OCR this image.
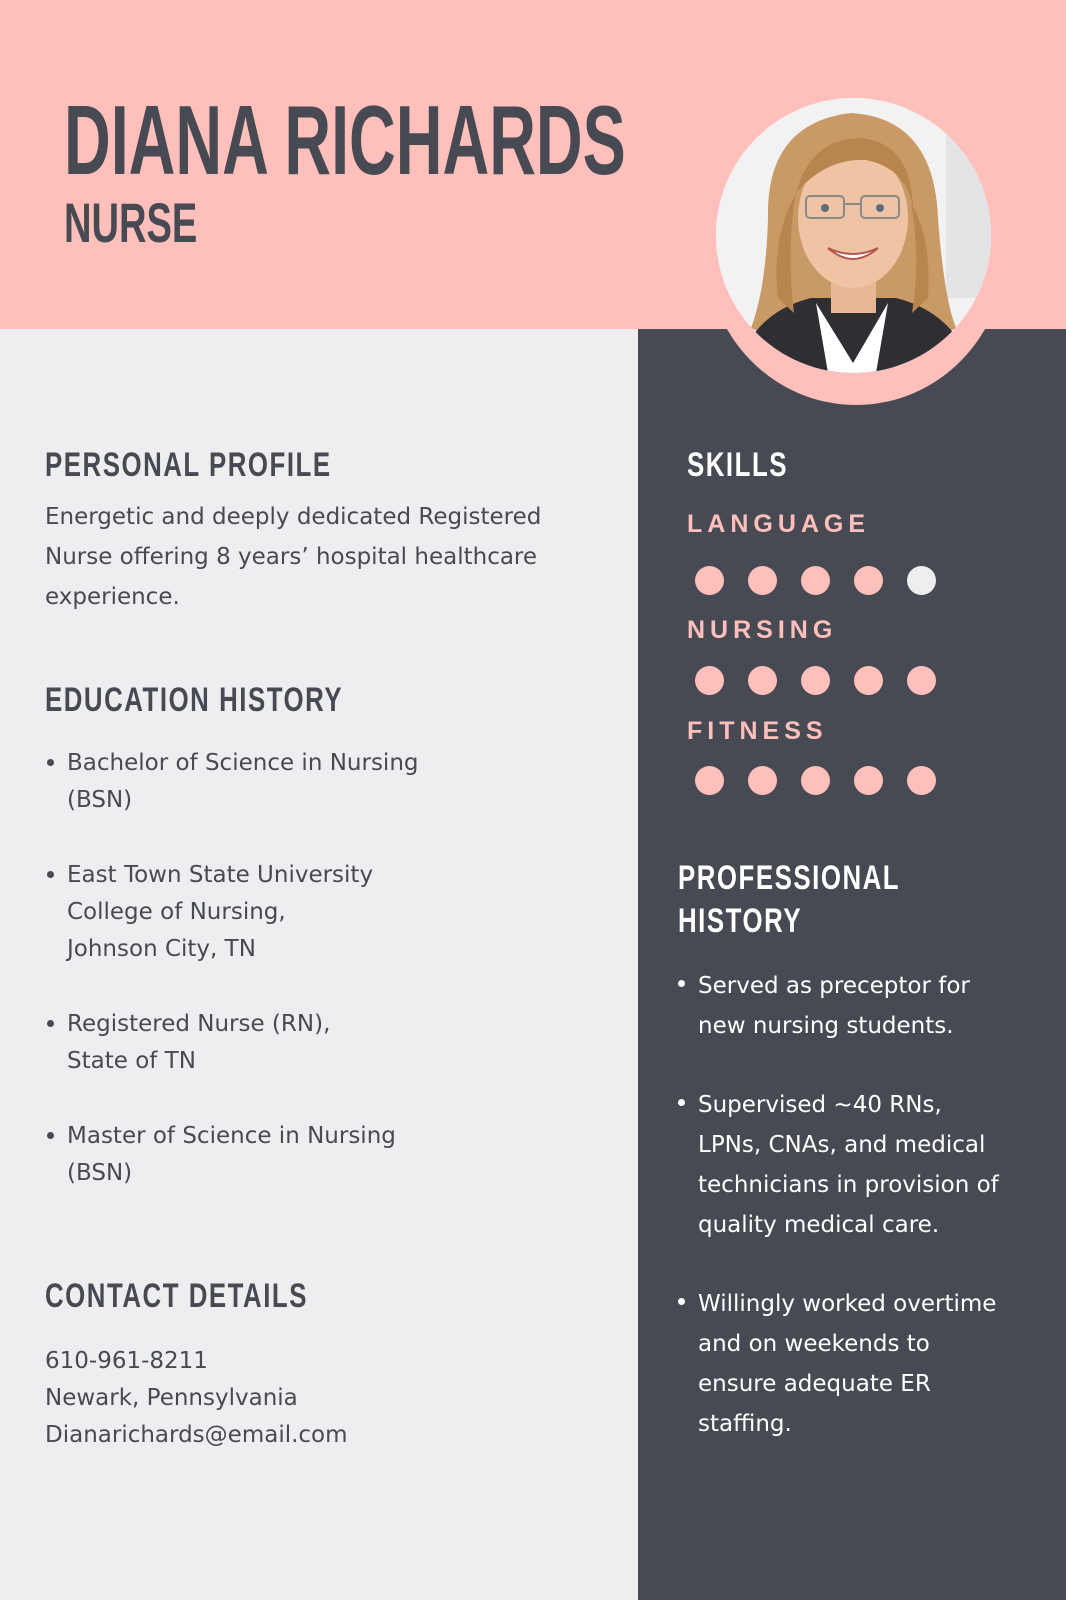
DIANA RICHARDS
NURSE
PERSONAL PROFILE

Energetic and deeply dedicated Registered Nurse offering 8 years’ hospital healthcare experience.

EDUCATION HISTORY
Bachelor of Science in Nursing
(BSN)
East Town State University
College of Nursing,
Johnson City, TN
Registered Nurse (RN),
State of TN
Master of Science in Nursing
(BSN)
CONTACT DETAILS
610-961-8211
Newark, Pennsylvania
Dianarichards@email.com
SKILLS

LANGUAGE

NURSING

FITNESS

PROFESSIONAL
HISTORY
Served as preceptor for
new nursing students.
Supervised ~40 RNs,
LPNs, CNAs, and medical
technicians in provision of
quality medical care.
Willingly worked overtime
and on weekends to
ensure adequate ER
staffing.
